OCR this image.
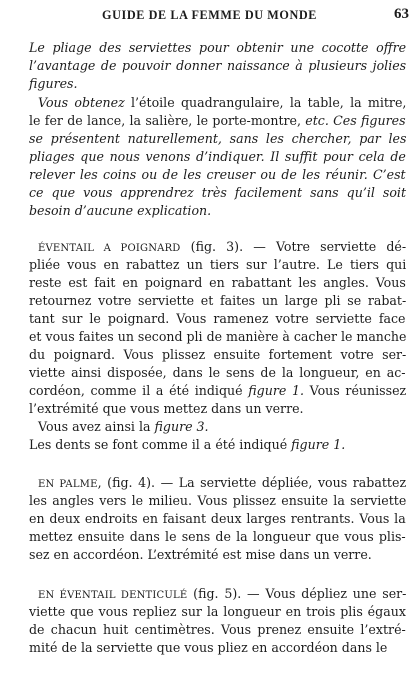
GUIDE DE LA FEMME DU MONDE	63
Le pliage des serviettes pour obtenir une cocotte offre
l’avantage de pouvoir donner naissance à plusieurs jolies
figures.
Vous obtenez l’étoile quadrangulaire, la table, la mitre,
le fer de lance, la salière, le porte-montre, etc. Ces figures
se présentent naturellement, sans les chercher, par les
pliages que nous venons d’indiquer. Il suffit pour cela de
relever les coins ou de les creuser ou de les réunir. C’est
ce que vous apprendrez très facilement sans qu’il soit
besoin d’aucune explication.
ÉVENTAIL A POIGNARD (fig. 3). — Votre serviette dé-
pliée vous en rabattez un tiers sur l’autre. Le tiers qui
reste est fait en poignard en rabattant les angles. Vous
retournez votre serviette et faites un large pli se rabat-
tant sur le poignard. Vous ramenez votre serviette face
et vous faites un second pli de manière à cacher le manche
du poignard. Vous plissez ensuite fortement votre ser-
viette ainsi disposée, dans le sens de la longueur, en ac-
cordéon, comme il a été indiqué figure 1. Vous réunissez
l’extrémité que vous mettez dans un verre.
Vous avez ainsi la figure 3.
Les dents se font comme il a été indiqué figure 1.
EN PALME, (fig. 4). — La serviette dépliée, vous rabattez
les angles vers le milieu. Vous plissez ensuite la serviette
en deux endroits en faisant deux larges rentrants. Vous la
mettez ensuite dans le sens de la longueur que vous plis-
sez en accordéon. L’extrémité est mise dans un verre.
EN ÉVENTAIL DENTICULÉ (fig. 5). — Vous dépliez une ser-
viette que vous repliez sur la longueur en trois plis égaux
de chacun huit centimètres. Vous prenez ensuite l’extré-
mité de la serviette que vous pliez en accordéon dans le
